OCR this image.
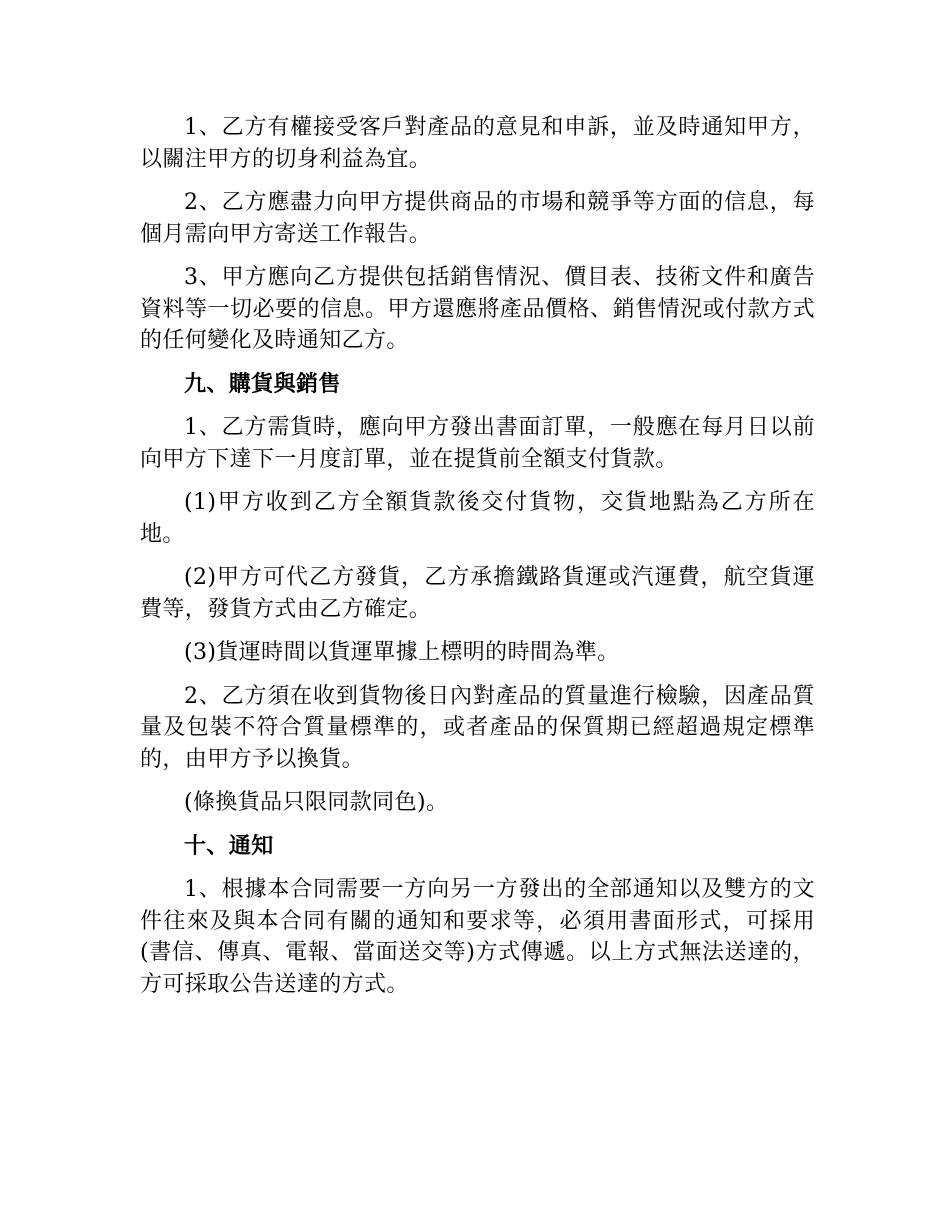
1、乙方有權接受客戶對產品的意見和申訴，並及時通知甲方，以關注甲方的切身利益為宜。

2、乙方應盡力向甲方提供商品的市場和競爭等方面的信息，每個月需向甲方寄送工作報告。

3、甲方應向乙方提供包括銷售情況、價目表、技術文件和廣告資料等一切必要的信息。甲方還應將產品價格、銷售情況或付款方式的任何變化及時通知乙方。

九、購貨與銷售

1、乙方需貨時，應向甲方發出書面訂單，一般應在每月日以前向甲方下達下一月度訂單，並在提貨前全額支付貨款。

(1)甲方收到乙方全額貨款後交付貨物，交貨地點為乙方所在地。

(2)甲方可代乙方發貨，乙方承擔鐵路貨運或汽運費，航空貨運費等，發貨方式由乙方確定。

(3)貨運時間以貨運單據上標明的時間為準。

2、乙方須在收到貨物後日內對產品的質量進行檢驗，因產品質量及包裝不符合質量標準的，或者產品的保質期已經超過規定標準的，由甲方予以換貨。

(條換貨品只限同款同色)。

十、通知

1、根據本合同需要一方向另一方發出的全部通知以及雙方的文件往來及與本合同有關的通知和要求等，必須用書面形式，可採用(書信、傳真、電報、當面送交等)方式傳遞。以上方式無法送達的，方可採取公告送達的方式。
